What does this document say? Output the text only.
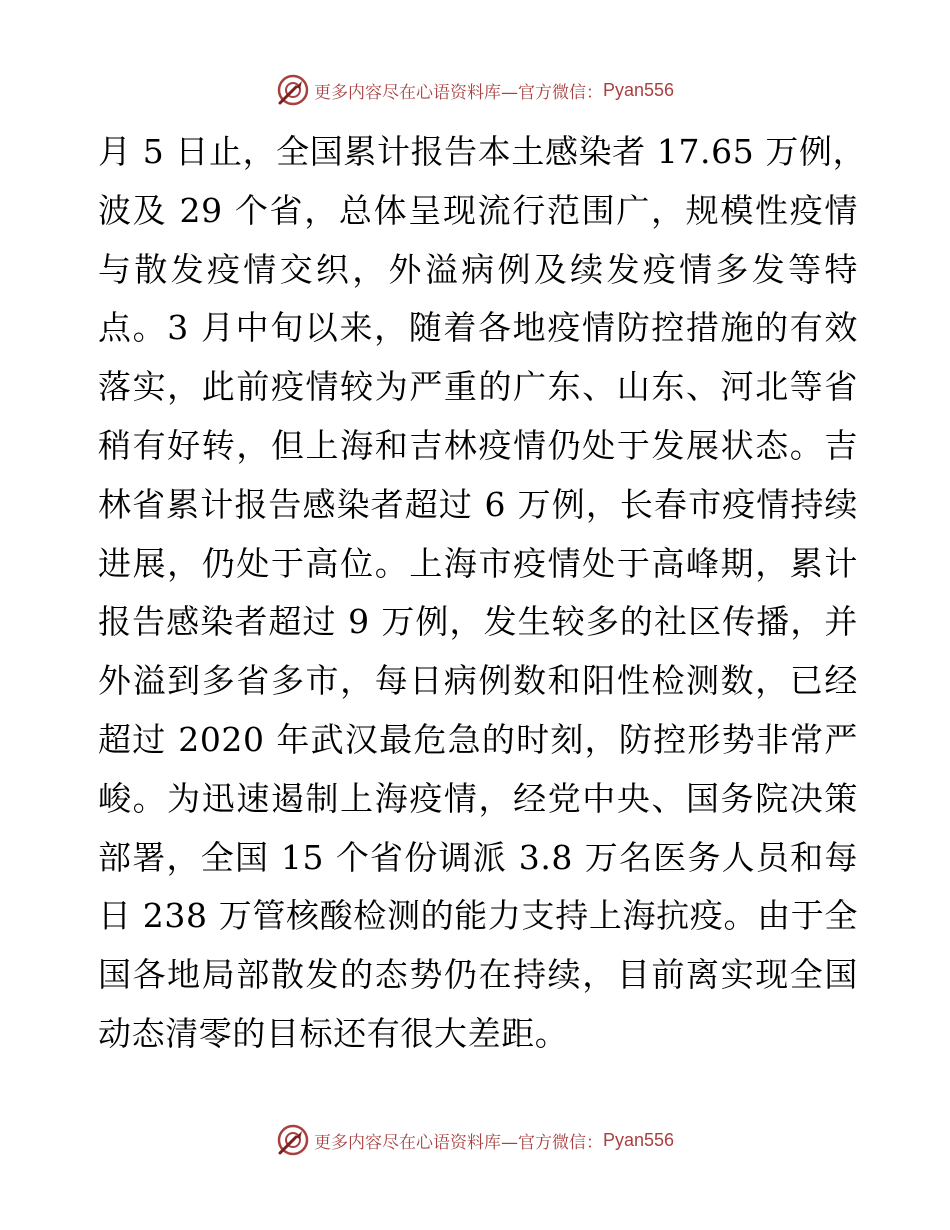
更多内容尽在心语资料库—官方微信： Pyan556
月 5 日止，全国累计报告本土感染者 17.65 万例，
波及 29 个省，总体呈现流行范围广，规模性疫情
与散发疫情交织，外溢病例及续发疫情多发等特
点。3 月中旬以来，随着各地疫情防控措施的有效
落实，此前疫情较为严重的广东、山东、河北等省
稍有好转，但上海和吉林疫情仍处于发展状态。吉
林省累计报告感染者超过 6 万例，长春市疫情持续
进展，仍处于高位。上海市疫情处于高峰期，累计
报告感染者超过 9 万例，发生较多的社区传播，并
外溢到多省多市，每日病例数和阳性检测数，已经
超过 2020 年武汉最危急的时刻，防控形势非常严
峻。为迅速遏制上海疫情，经党中央、国务院决策
部署，全国 15 个省份调派 3.8 万名医务人员和每
日 238 万管核酸检测的能力支持上海抗疫。由于全
国各地局部散发的态势仍在持续，目前离实现全国
动态清零的目标还有很大差距。
更多内容尽在心语资料库—官方微信： Pyan556
